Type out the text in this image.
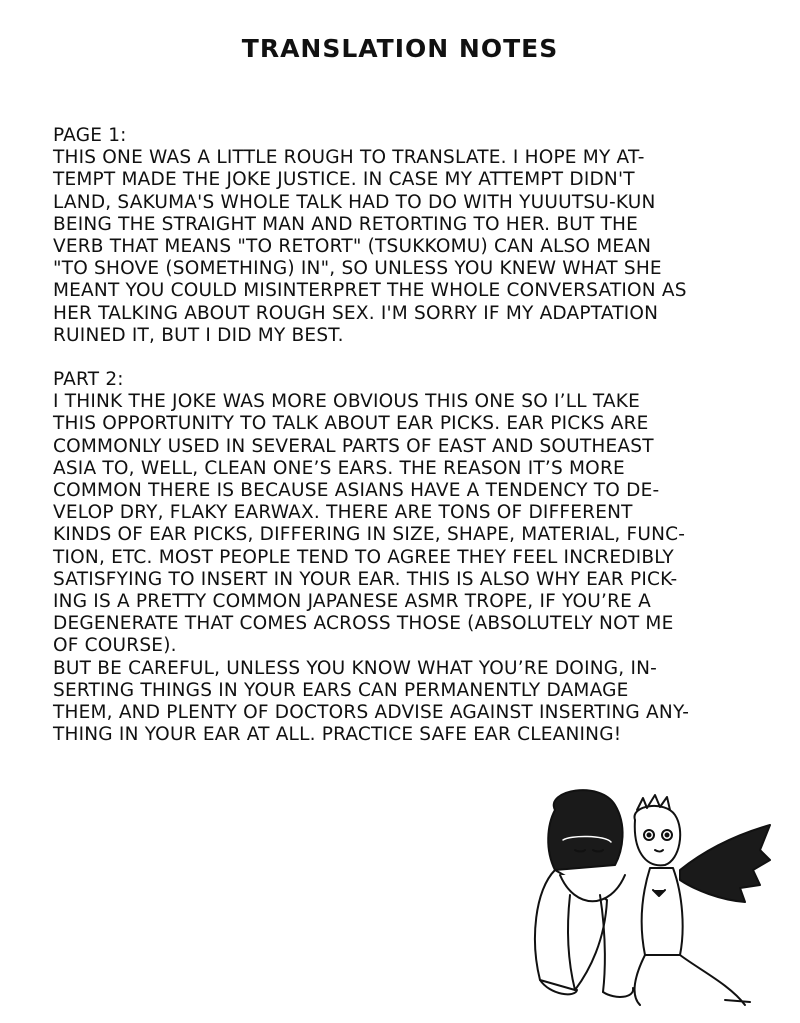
TRANSLATION NOTES
PAGE 1:
THIS ONE WAS A LITTLE ROUGH TO TRANSLATE. I HOPE MY AT-
TEMPT MADE THE JOKE JUSTICE. IN CASE MY ATTEMPT DIDN'T
LAND, SAKUMA'S WHOLE TALK HAD TO DO WITH YUUUTSU-KUN
BEING THE STRAIGHT MAN AND RETORTING TO HER. BUT THE
VERB THAT MEANS "TO RETORT" (TSUKKOMU) CAN ALSO MEAN
"TO SHOVE (SOMETHING) IN", SO UNLESS YOU KNEW WHAT SHE
MEANT YOU COULD MISINTERPRET THE WHOLE CONVERSATION AS
HER TALKING ABOUT ROUGH SEX. I'M SORRY IF MY ADAPTATION
RUINED IT, BUT I DID MY BEST.
PART 2:
I THINK THE JOKE WAS MORE OBVIOUS THIS ONE SO I’LL TAKE
THIS OPPORTUNITY TO TALK ABOUT EAR PICKS. EAR PICKS ARE
COMMONLY USED IN SEVERAL PARTS OF EAST AND SOUTHEAST
ASIA TO, WELL, CLEAN ONE’S EARS. THE REASON IT’S MORE
COMMON THERE IS BECAUSE ASIANS HAVE A TENDENCY TO DE-
VELOP DRY, FLAKY EARWAX. THERE ARE TONS OF DIFFERENT
KINDS OF EAR PICKS, DIFFERING IN SIZE, SHAPE, MATERIAL, FUNC-
TION, ETC. MOST PEOPLE TEND TO AGREE THEY FEEL INCREDIBLY
SATISFYING TO INSERT IN YOUR EAR. THIS IS ALSO WHY EAR PICK-
ING IS A PRETTY COMMON JAPANESE ASMR TROPE, IF YOU’RE A
DEGENERATE THAT COMES ACROSS THOSE (ABSOLUTELY NOT ME
OF COURSE).
BUT BE CAREFUL, UNLESS YOU KNOW WHAT YOU’RE DOING, IN-
SERTING THINGS IN YOUR EARS CAN PERMANENTLY DAMAGE
THEM, AND PLENTY OF DOCTORS ADVISE AGAINST INSERTING ANY-
THING IN YOUR EAR AT ALL. PRACTICE SAFE EAR CLEANING!
